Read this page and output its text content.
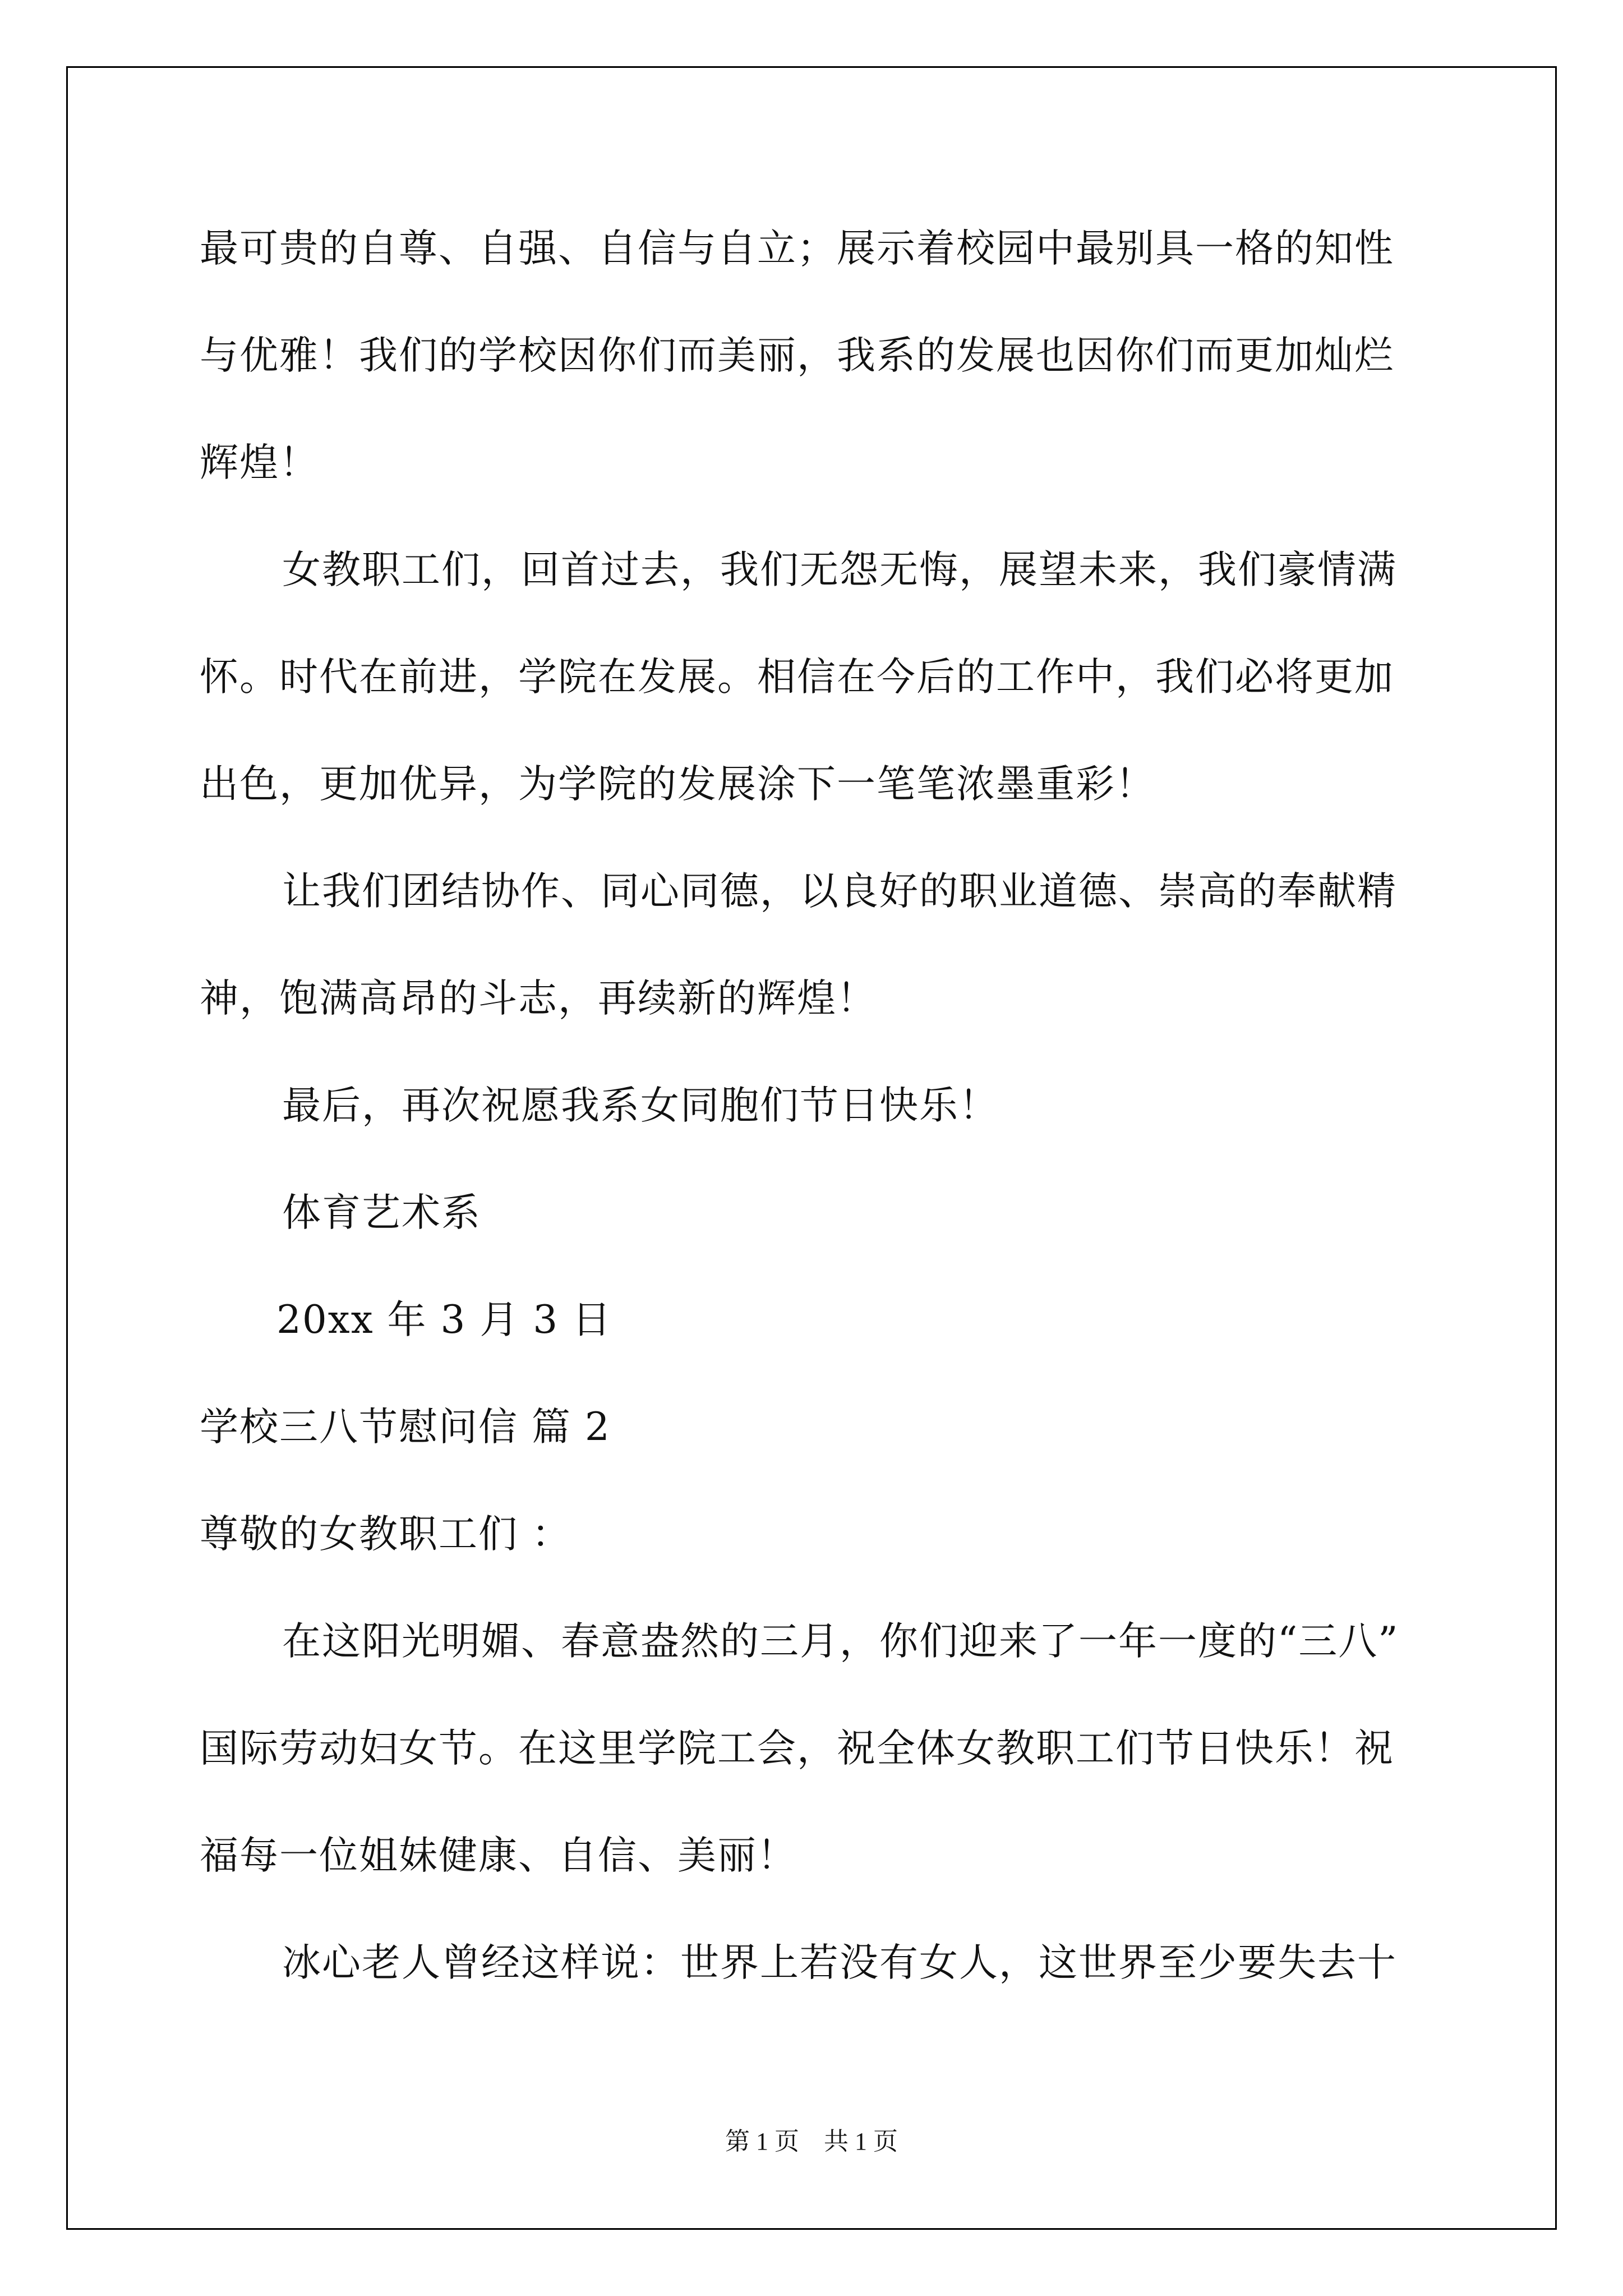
最可贵的自尊、自强、自信与自立；展示着校园中最别具一格的知性
与优雅！我们的学校因你们而美丽，我系的发展也因你们而更加灿烂
辉煌！
女教职工们，回首过去，我们无怨无悔，展望未来，我们豪情满
怀。时代在前进，学院在发展。相信在今后的工作中，我们必将更加
出色，更加优异，为学院的发展涂下一笔笔浓墨重彩！
让我们团结协作、同心同德，以良好的职业道德、崇高的奉献精
神，饱满高昂的斗志，再续新的辉煌！
最后，再次祝愿我系女同胞们节日快乐！
体育艺术系
20xx 年 3 月 3 日
学校三八节慰问信 篇 2
尊敬的女教职工们 ：
在这阳光明媚、春意盎然的三月，你们迎来了一年一度的“三八”
国际劳动妇女节。在这里学院工会，祝全体女教职工们节日快乐！祝
福每一位姐妹健康、自信、美丽！
冰心老人曾经这样说：世界上若没有女人，这世界至少要失去十
第 1 页    共 1 页
